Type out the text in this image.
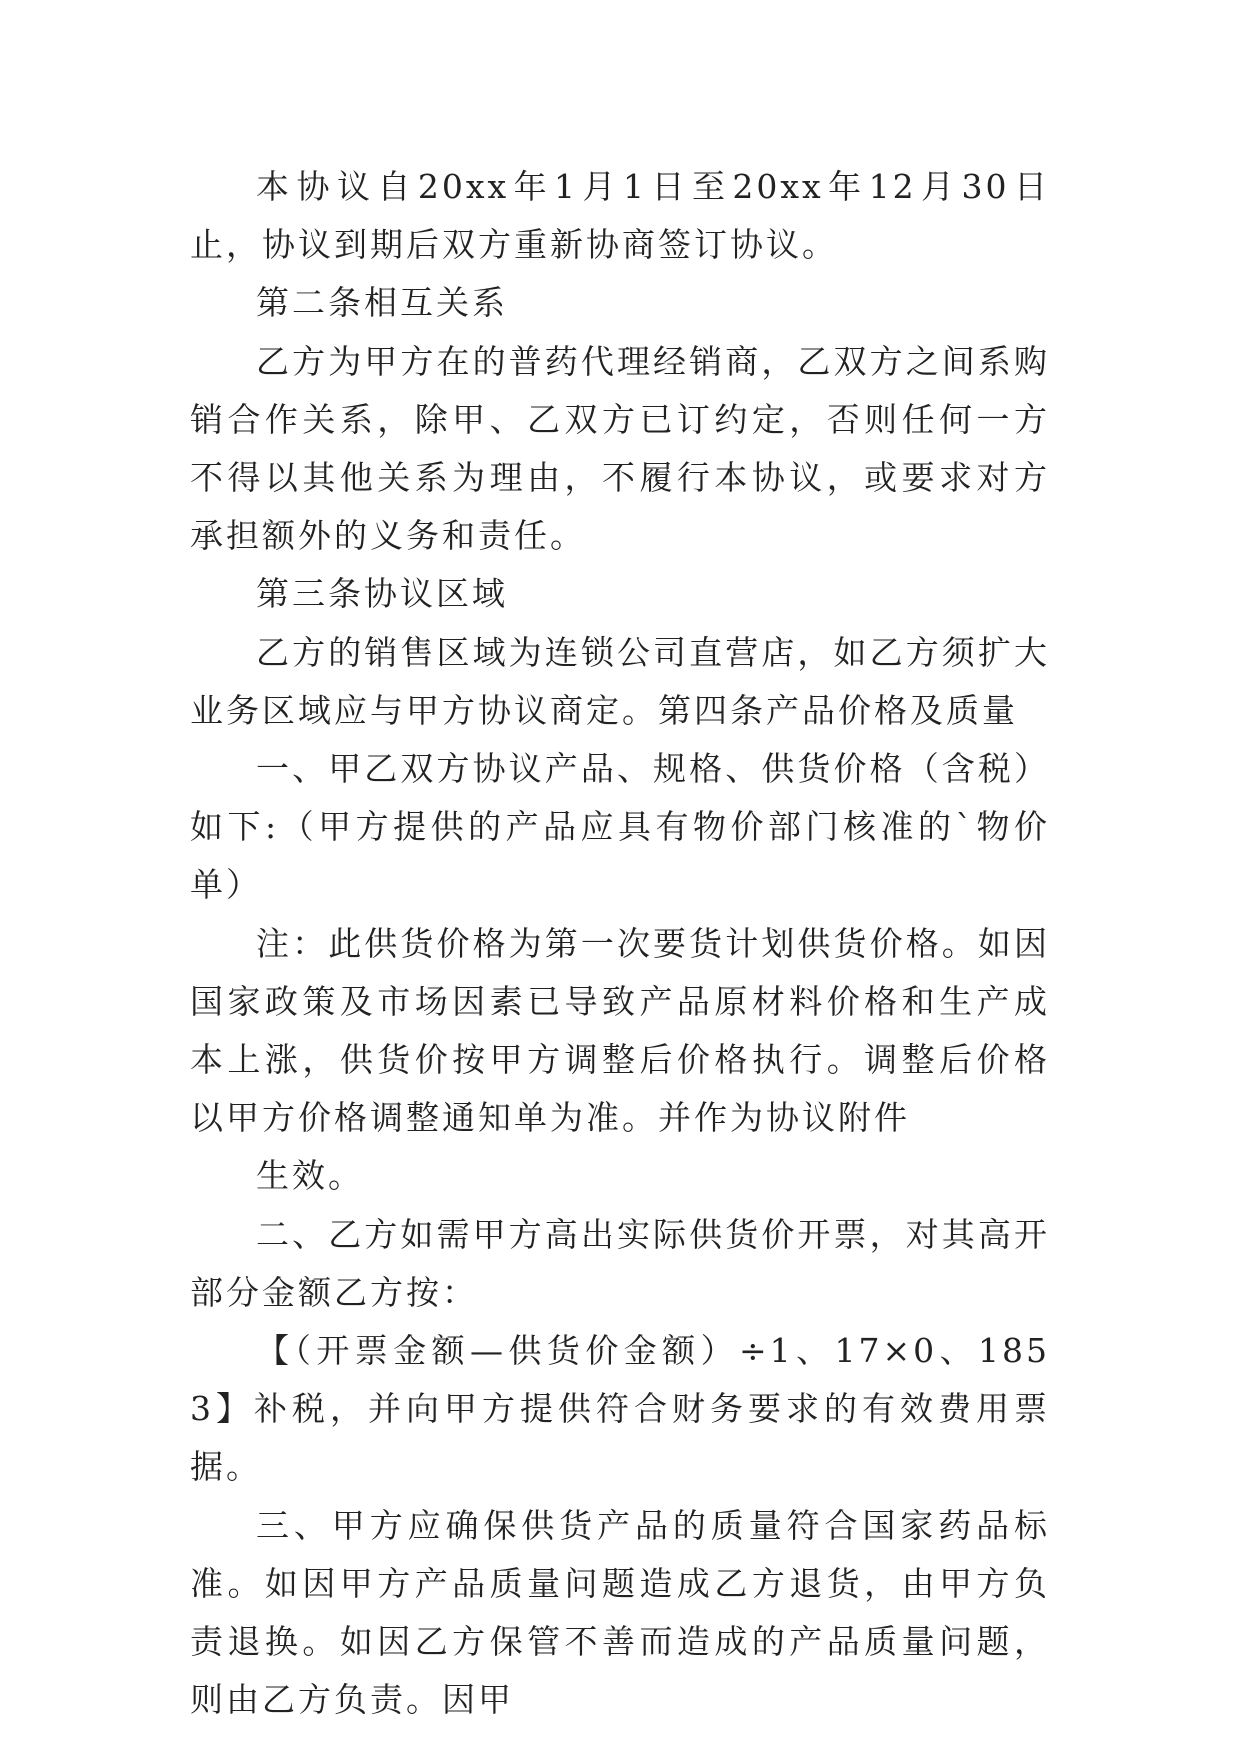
本协议自20xx年1月1日至20xx年12月30日止，协议到期后双方重新协商签订协议。

第二条相互关系

乙方为甲方在的普药代理经销商，乙双方之间系购销合作关系，除甲、乙双方已订约定，否则任何一方不得以其他关系为理由，不履行本协议，或要求对方承担额外的义务和责任。

第三条协议区域

乙方的销售区域为连锁公司直营店，如乙方须扩大业务区域应与甲方协议商定。第四条产品价格及质量

一、甲乙双方协议产品、规格、供货价格（含税）如下:（甲方提供的产品应具有物价部门核准的`物价单）

注：此供货价格为第一次要货计划供货价格。如因国家政策及市场因素已导致产品原材料价格和生产成本上涨，供货价按甲方调整后价格执行。调整后价格以甲方价格调整通知单为准。并作为协议附件

生效。

二、乙方如需甲方高出实际供货价开票，对其高开部分金额乙方按：

【（开票金额—供货价金额）÷1、17×0、1853】补税，并向甲方提供符合财务要求的有效费用票据。

三、甲方应确保供货产品的质量符合国家药品标准。如因甲方产品质量问题造成乙方退货，由甲方负责退换。如因乙方保管不善而造成的产品质量问题，则由乙方负责。因甲
